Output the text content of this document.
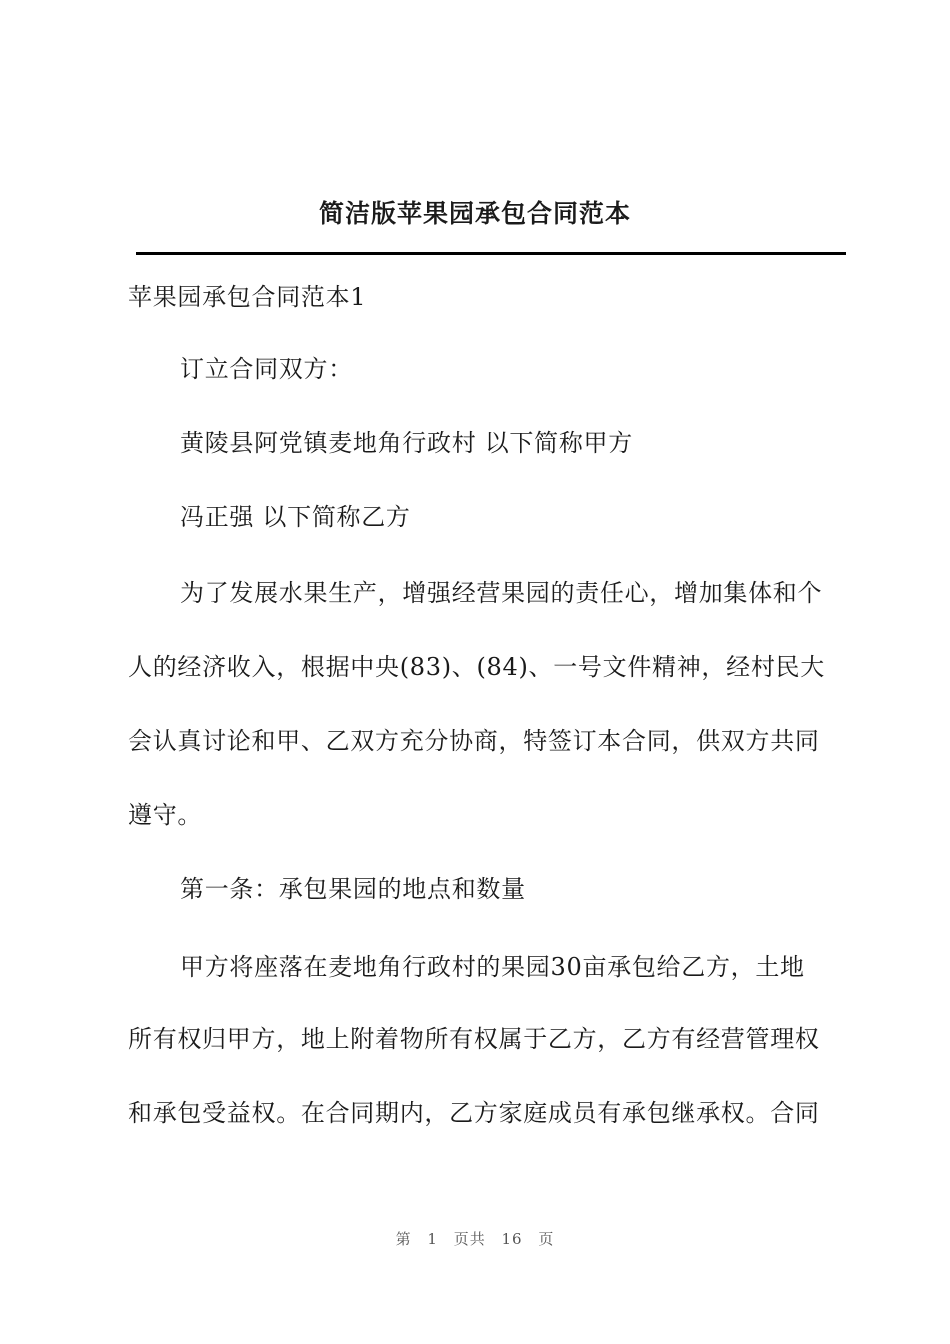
简洁版苹果园承包合同范本

苹果园承包合同范本1

订立合同双方：

黄陵县阿党镇麦地角行政村 以下简称甲方

冯正强 以下简称乙方

为了发展水果生产，增强经营果园的责任心，增加集体和个

人的经济收入，根据中央(83)、(84)、一号文件精神，经村民大

会认真讨论和甲、乙双方充分协商，特签订本合同，供双方共同

遵守。

第一条：承包果园的地点和数量

甲方将座落在麦地角行政村的果园30亩承包给乙方，土地

所有权归甲方，地上附着物所有权属于乙方，乙方有经营管理权

和承包受益权。在合同期内，乙方家庭成员有承包继承权。合同

第 1 页共 16 页
